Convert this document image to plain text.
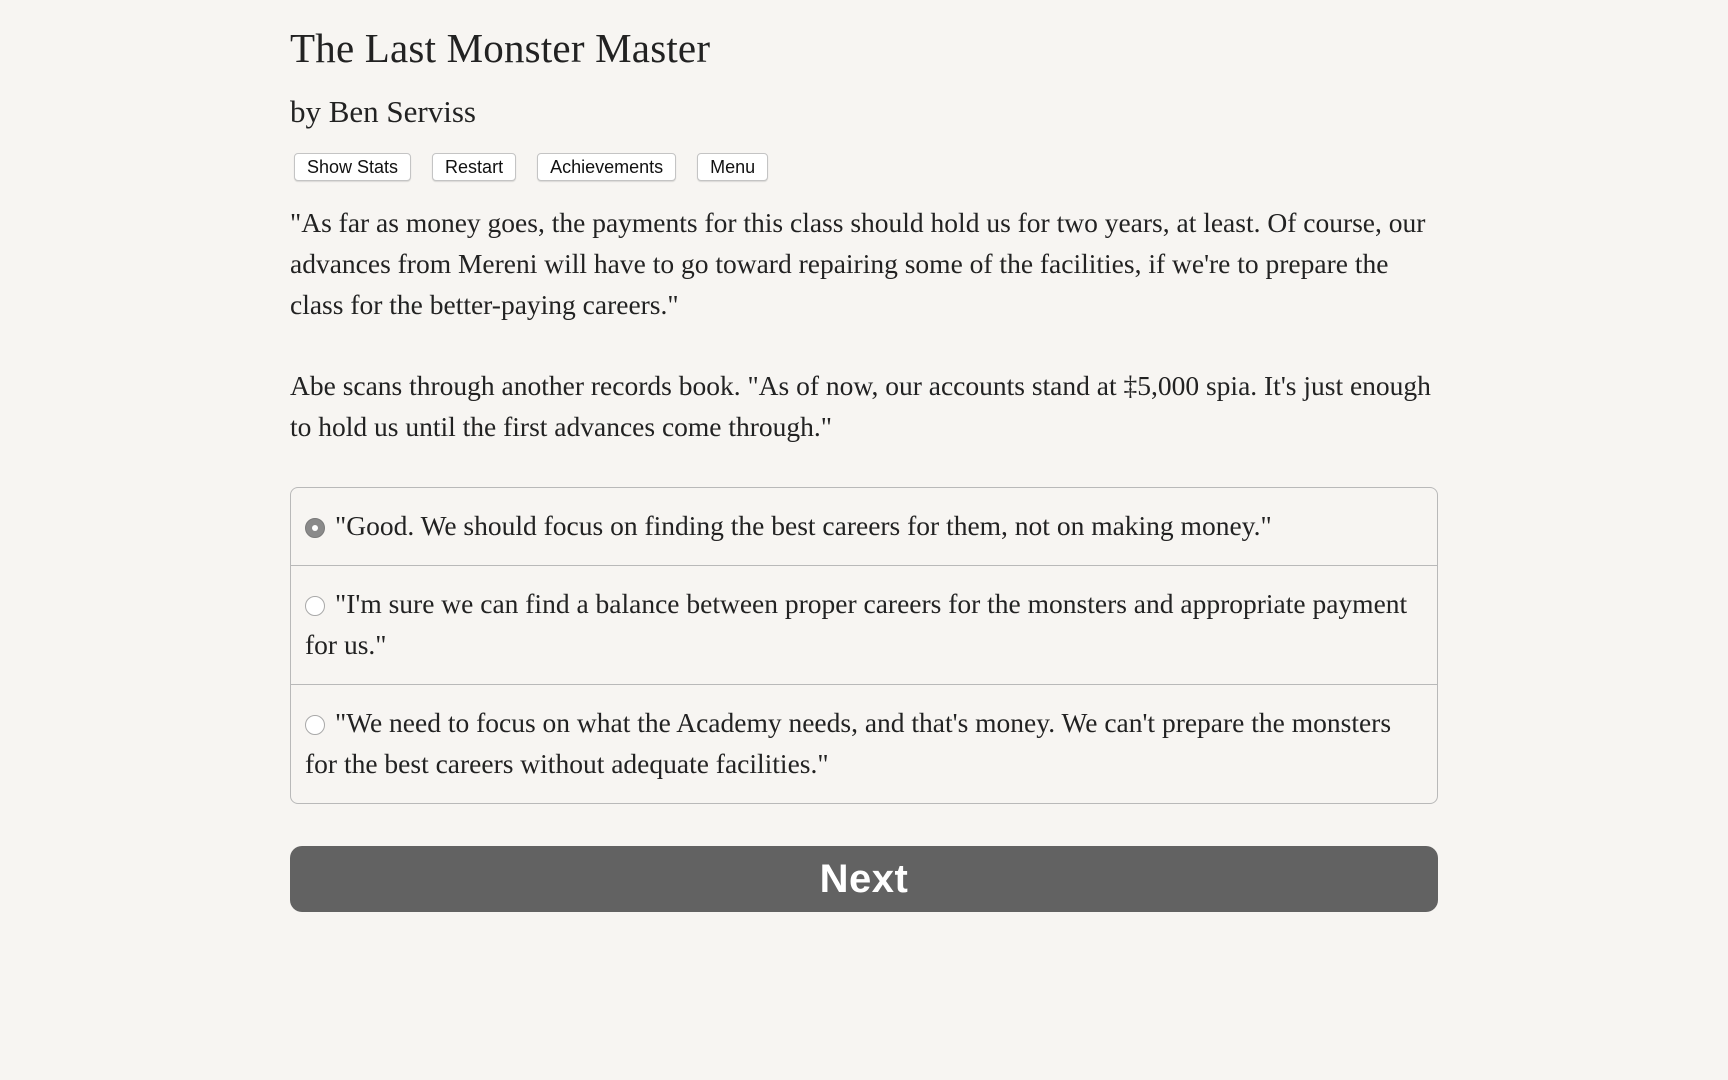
The Last Monster Master
by Ben Serviss
Show Stats	Restart	Achievements	Menu

"As far as money goes, the payments for this class should hold us for two years, at least. Of course, our advances from Mereni will have to go toward repairing some of the facilities, if we're to prepare the class for the better-paying careers."

Abe scans through another records book. "As of now, our accounts stand at ‡5,000 spia. It's just enough to hold us until the first advances come through."

"Good. We should focus on finding the best careers for them, not on making money."
"I'm sure we can find a balance between proper careers for the monsters and appropriate payment for us."
"We need to focus on what the Academy needs, and that's money. We can't prepare the monsters for the best careers without adequate facilities."
Next
